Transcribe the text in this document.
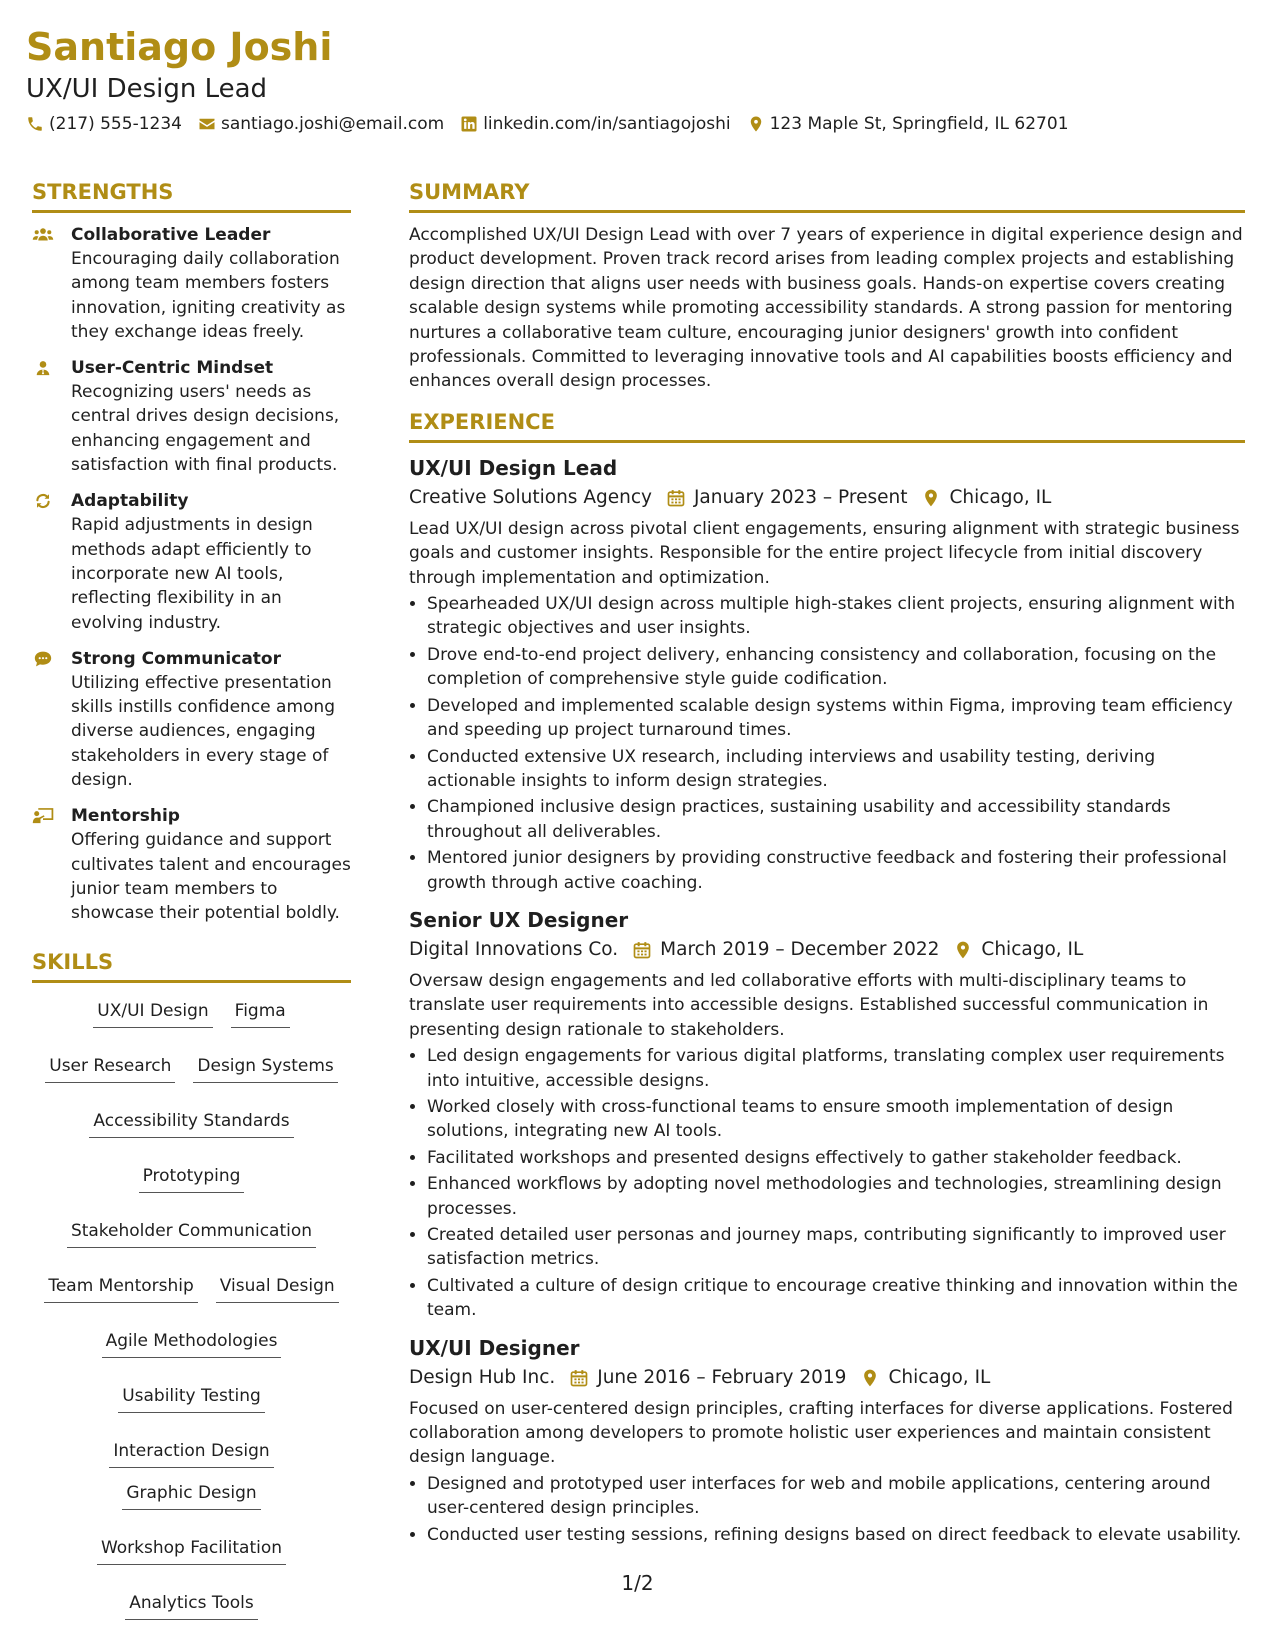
Santiago Joshi
UX/UI Design Lead
(217) 555-1234 santiago.joshi@email.com linkedin.com/in/santiagojoshi 123 Maple St, Springfield, IL 62701
STRENGTHS
Collaborative Leader
Encouraging daily collaboration among team members fosters innovation, igniting creativity as they exchange ideas freely.
User-Centric Mindset
Recognizing users' needs as central drives design decisions, enhancing engagement and satisfaction with final products.
Adaptability
Rapid adjustments in design methods adapt efficiently to incorporate new AI tools, reflecting flexibility in an evolving industry.
Strong Communicator
Utilizing effective presentation skills instills confidence among diverse audiences, engaging stakeholders in every stage of design.
Mentorship
Offering guidance and support cultivates talent and encourages junior team members to showcase their potential boldly.
SKILLS
UX/UI Design Figma
User Research Design Systems
Accessibility Standards
Prototyping
Stakeholder Communication
Team Mentorship Visual Design
Agile Methodologies
Usability Testing
Interaction Design
Graphic Design
Workshop Facilitation
Analytics Tools
SUMMARY
Accomplished UX/UI Design Lead with over 7 years of experience in digital experience design and product development. Proven track record arises from leading complex projects and establishing design direction that aligns user needs with business goals. Hands-on expertise covers creating scalable design systems while promoting accessibility standards. A strong passion for mentoring nurtures a collaborative team culture, encouraging junior designers' growth into confident professionals. Committed to leveraging innovative tools and AI capabilities boosts efficiency and enhances overall design processes.
EXPERIENCE
UX/UI Design Lead
Creative Solutions Agency January 2023 – Present Chicago, IL
Lead UX/UI design across pivotal client engagements, ensuring alignment with strategic business goals and customer insights. Responsible for the entire project lifecycle from initial discovery through implementation and optimization.
• Spearheaded UX/UI design across multiple high-stakes client projects, ensuring alignment with strategic objectives and user insights.
• Drove end-to-end project delivery, enhancing consistency and collaboration, focusing on the completion of comprehensive style guide codification.
• Developed and implemented scalable design systems within Figma, improving team efficiency and speeding up project turnaround times.
• Conducted extensive UX research, including interviews and usability testing, deriving actionable insights to inform design strategies.
• Championed inclusive design practices, sustaining usability and accessibility standards throughout all deliverables.
• Mentored junior designers by providing constructive feedback and fostering their professional growth through active coaching.
Senior UX Designer
Digital Innovations Co. March 2019 – December 2022 Chicago, IL
Oversaw design engagements and led collaborative efforts with multi-disciplinary teams to translate user requirements into accessible designs. Established successful communication in presenting design rationale to stakeholders.
• Led design engagements for various digital platforms, translating complex user requirements into intuitive, accessible designs.
• Worked closely with cross-functional teams to ensure smooth implementation of design solutions, integrating new AI tools.
• Facilitated workshops and presented designs effectively to gather stakeholder feedback.
• Enhanced workflows by adopting novel methodologies and technologies, streamlining design processes.
• Created detailed user personas and journey maps, contributing significantly to improved user satisfaction metrics.
• Cultivated a culture of design critique to encourage creative thinking and innovation within the team.
UX/UI Designer
Design Hub Inc. June 2016 – February 2019 Chicago, IL
Focused on user-centered design principles, crafting interfaces for diverse applications. Fostered collaboration among developers to promote holistic user experiences and maintain consistent design language.
• Designed and prototyped user interfaces for web and mobile applications, centering around user-centered design principles.
• Conducted user testing sessions, refining designs based on direct feedback to elevate usability.
1/2
